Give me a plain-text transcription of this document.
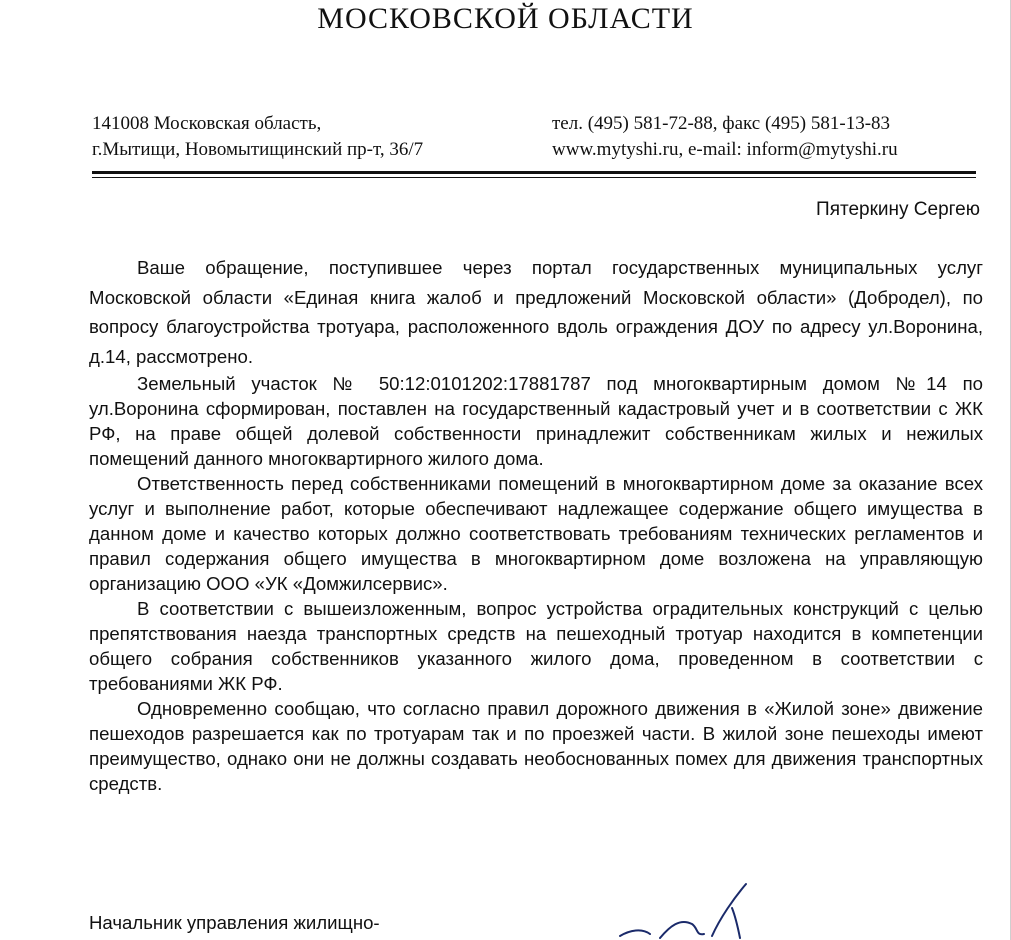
МОСКОВСКОЙ ОБЛАСТИ
141008 Московская область,
г.Мытищи, Новомытищинский пр-т, 36/7
тел. (495) 581-72-88, факс (495) 581-13-83
www.mytyshi.ru, e-mail: inform@mytyshi.ru
Пятеркину Сергею

Ваше обращение, поступившее через портал государственных муниципальных услуг Московской области «Единая книга жалоб и предложений Московской области» (Добродел), по вопросу благоустройства тротуара, расположенного вдоль ограждения ДОУ по адресу ул.Воронина, д.14, рассмотрено.

Земельный участок № 50:12:0101202:17881787 под многоквартирным домом №14 по ул.Воронина сформирован, поставлен на государственный кадастровый учет и в соответствии с ЖК РФ, на праве общей долевой собственности принадлежит собственникам жилых и нежилых помещений данного многоквартирного жилого дома.

Ответственность перед собственниками помещений в многоквартирном доме за оказание всех услуг и выполнение работ, которые обеспечивают надлежащее содержание общего имущества в данном доме и качество которых должно соответствовать требованиям технических регламентов и правил содержания общего имущества в многоквартирном доме возложена на управляющую организацию ООО «УК «Домжилсервис».

В соответствии с вышеизложенным, вопрос устройства оградительных конструкций с целью препятствования наезда транспортных средств на пешеходный тротуар находится в компетенции общего собрания собственников указанного жилого дома, проведенном в соответствии с требованиями ЖК РФ.

Одновременно сообщаю, что согласно правил дорожного движения в «Жилой зоне» движение пешеходов разрешается как по тротуарам так и по проезжей части. В жилой зоне пешеходы имеют преимущество, однако они не должны создавать необоснованных помех для движения транспортных средств.

Начальник управления жилищно-
